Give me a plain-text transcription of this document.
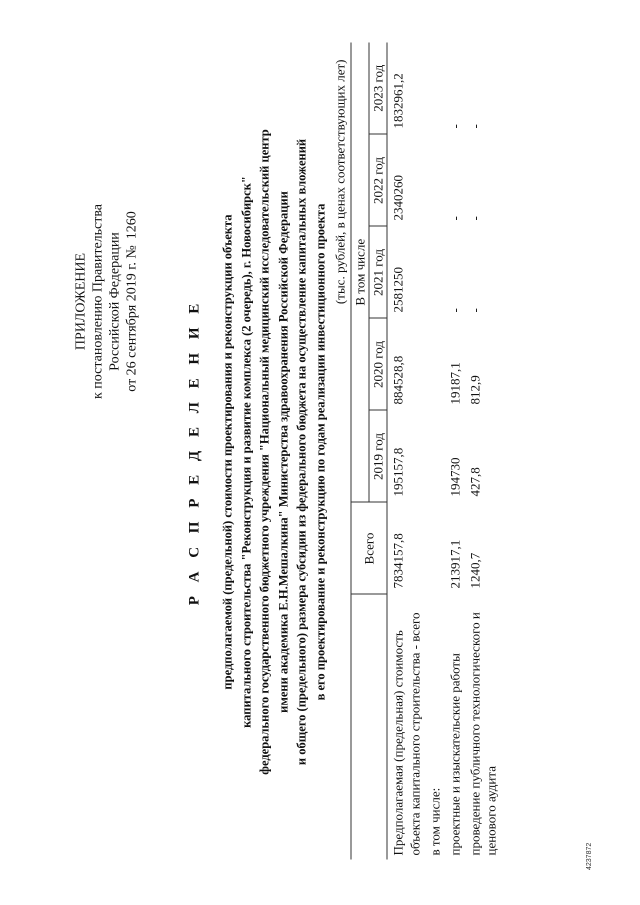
ПРИЛОЖЕНИЕ к постановлению Правительства Российской Федерации от 26 сентября 2019 г. №1260
Р А С П Р Е Д Е Л Е Н И Е предполагаемой (предельной) стоимости проектирования и реконструкции объекта капитального строительства "Реконструкция и развитие комплекса (2 очередь), г. Новосибирск" федерального государственного бюджетного учреждения "Национальный медицинский исследовательский центр имени академика Е.Н.Мешалкина" Министерства здравоохранения Российской Федерации и общего (предельного) размера субсидии из федерального бюджета на осуществление капитальных вложений в его проектирование и реконструкцию по годам реализации инвестиционного проекта
(тыс. рублей, в ценах соответствующих лет)
	Всего	В том числе				
		2019 год	2020 год	2021 год	2022 год	2023 год
Предполагаемая (предельная) стоимость объекта капитального строительства - всего	7834157,8	195157,8	884528,8	2581250	2340260	1832961,2
в том числе:						
проектные и изыскательские работы	213917,1	194730	19187,1	-	-	-
проведение публичного технологического и ценового аудита	1240,7	427,8	812,9	-	-	-
4237872
